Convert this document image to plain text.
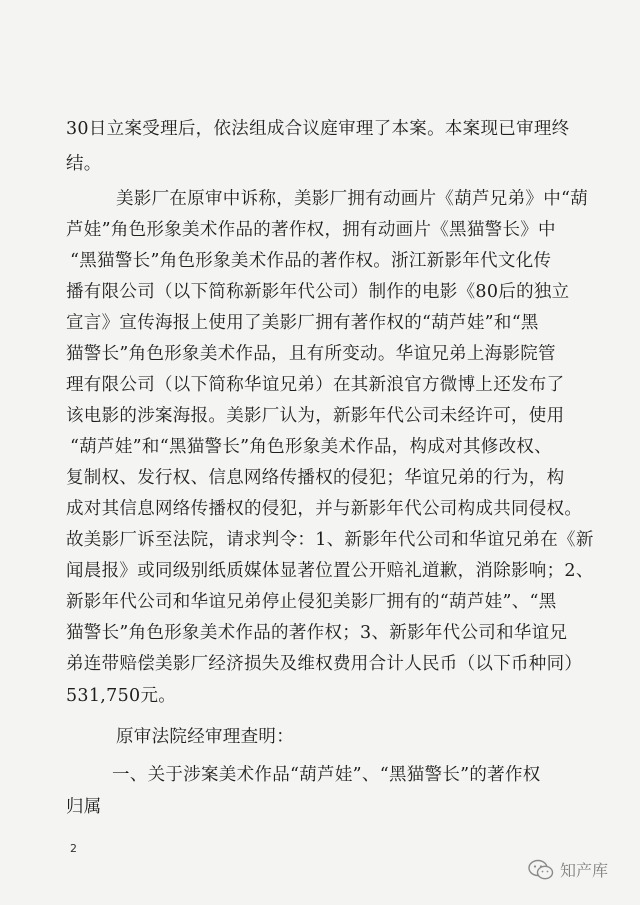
30日立案受理后，依法组成合议庭审理了本案。本案现已审理终
结。
美影厂在原审中诉称，美影厂拥有动画片《葫芦兄弟》中“葫
芦娃”角色形象美术作品的著作权，拥有动画片《黑猫警长》中
“黑猫警长”角色形象美术作品的著作权。浙江新影年代文化传
播有限公司（以下简称新影年代公司）制作的电影《80后的独立
宣言》宣传海报上使用了美影厂拥有著作权的“葫芦娃”和“黑
猫警长”角色形象美术作品，且有所变动。华谊兄弟上海影院管
理有限公司（以下简称华谊兄弟）在其新浪官方微博上还发布了
该电影的涉案海报。美影厂认为，新影年代公司未经许可，使用
“葫芦娃”和“黑猫警长”角色形象美术作品，构成对其修改权、
复制权、发行权、信息网络传播权的侵犯；华谊兄弟的行为，构
成对其信息网络传播权的侵犯，并与新影年代公司构成共同侵权。
故美影厂诉至法院，请求判令：1、新影年代公司和华谊兄弟在《新
闻晨报》或同级别纸质媒体显著位置公开赔礼道歉，消除影响；2、
新影年代公司和华谊兄弟停止侵犯美影厂拥有的“葫芦娃”、“黑
猫警长”角色形象美术作品的著作权；3、新影年代公司和华谊兄
弟连带赔偿美影厂经济损失及维权费用合计人民币（以下币种同）
531,750元。
原审法院经审理查明：
一、关于涉案美术作品“葫芦娃”、“黑猫警长”的著作权
归属
2
知产库
